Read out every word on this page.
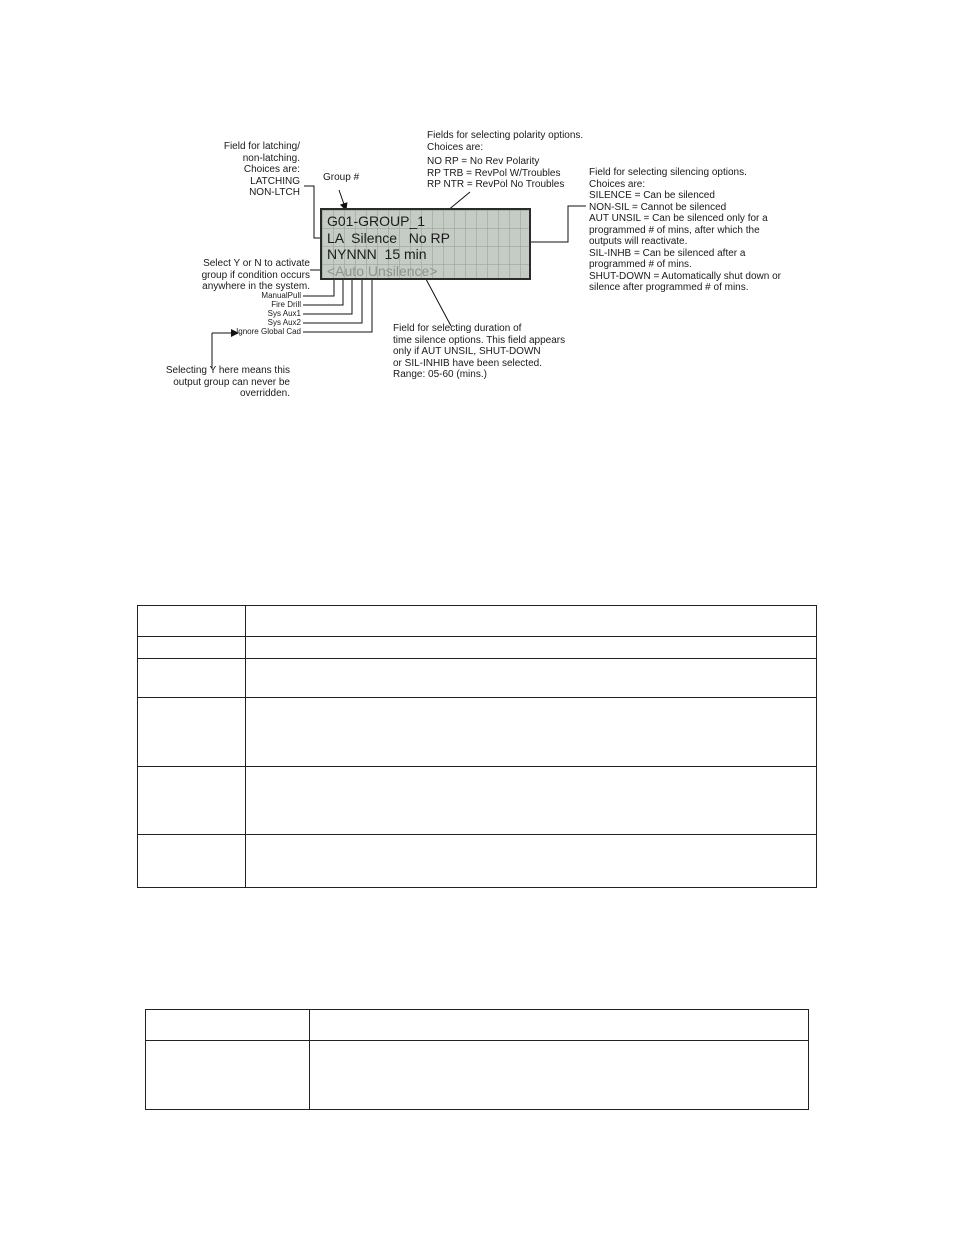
G01-GROUP_1
LA  Silence   No RP
NYNNN  15 min
<Auto Unsilence>
Field for latching/
non-latching.
Choices are:
LATCHING
NON-LTCH
Group #
Fields for selecting polarity options.
Choices are:
NO RP = No Rev Polarity
RP TRB = RevPol W/Troubles
RP NTR = RevPol No Troubles
Field for selecting silencing options.
Choices are:
SILENCE = Can be silenced
NON-SIL = Cannot be silenced
AUT UNSIL = Can be silenced only for a
programmed # of mins, after which the
outputs will reactivate.
SIL-INHB = Can be silenced after a
programmed # of mins.
SHUT-DOWN = Automatically shut down or
silence after programmed # of mins.
Select Y or N to activate
group if condition occurs
anywhere in the system.
ManualPull
Fire Drill
Sys Aux1
Sys Aux2
Ignore Global Cad
Selecting Y here means this
output group can never be
overridden.
Field for selecting duration of
time silence options. This field appears
only if AUT UNSIL, SHUT-DOWN
or SIL-INHIB have been selected.
Range: 05-60 (mins.)
